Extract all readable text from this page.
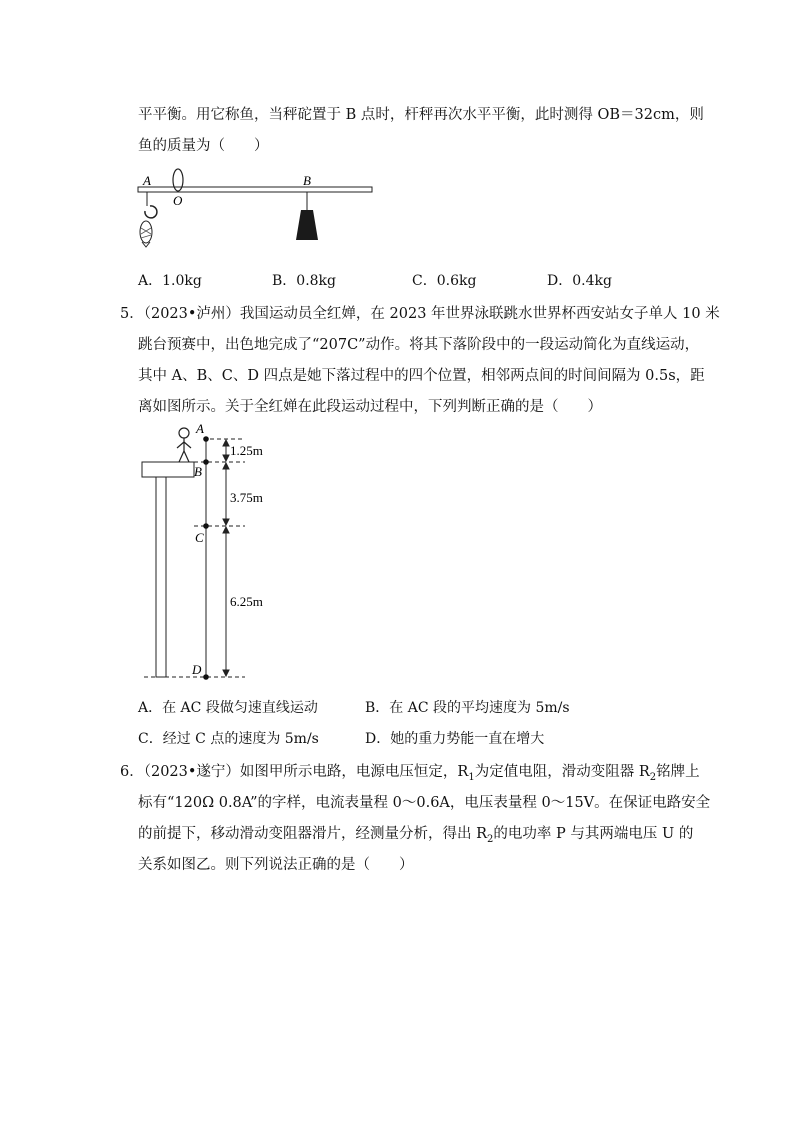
平平衡。用它称鱼，当秤砣置于 B 点时，杆秤再次水平平衡，此时测得 OB＝32cm，则
鱼的质量为（　　）
A
O
B
A．1.0kg	B．0.8kg	C．0.6kg	D．0.4kg
5．（2023•泸州）我国运动员全红婵，在 2023 年世界泳联跳水世界杯西安站女子单人 10 米
跳台预赛中，出色地完成了“207C”动作。将其下落阶段中的一段运动简化为直线运动，
其中 A、B、C、D 四点是她下落过程中的四个位置，相邻两点间的时间间隔为 0.5s，距
离如图所示。关于全红婵在此段运动过程中，下列判断正确的是（　　）
A
B
C
D
1.25m
3.75m
6.25m
A．在 AC 段做匀速直线运动	B．在 AC 段的平均速度为 5m/s
C．经过 C 点的速度为 5m/s	D．她的重力势能一直在增大
6．（2023•遂宁）如图甲所示电路，电源电压恒定，$R_1$为定值电阻，滑动变阻器 $R_2$铭牌上
标有“120Ω 0.8A”的字样，电流表量程 0～0.6A，电压表量程 0～15V。在保证电路安全
的前提下，移动滑动变阻器滑片，经测量分析，得出 $R_2$的电功率 P 与其两端电压 U 的
关系如图乙。则下列说法正确的是（　　）
